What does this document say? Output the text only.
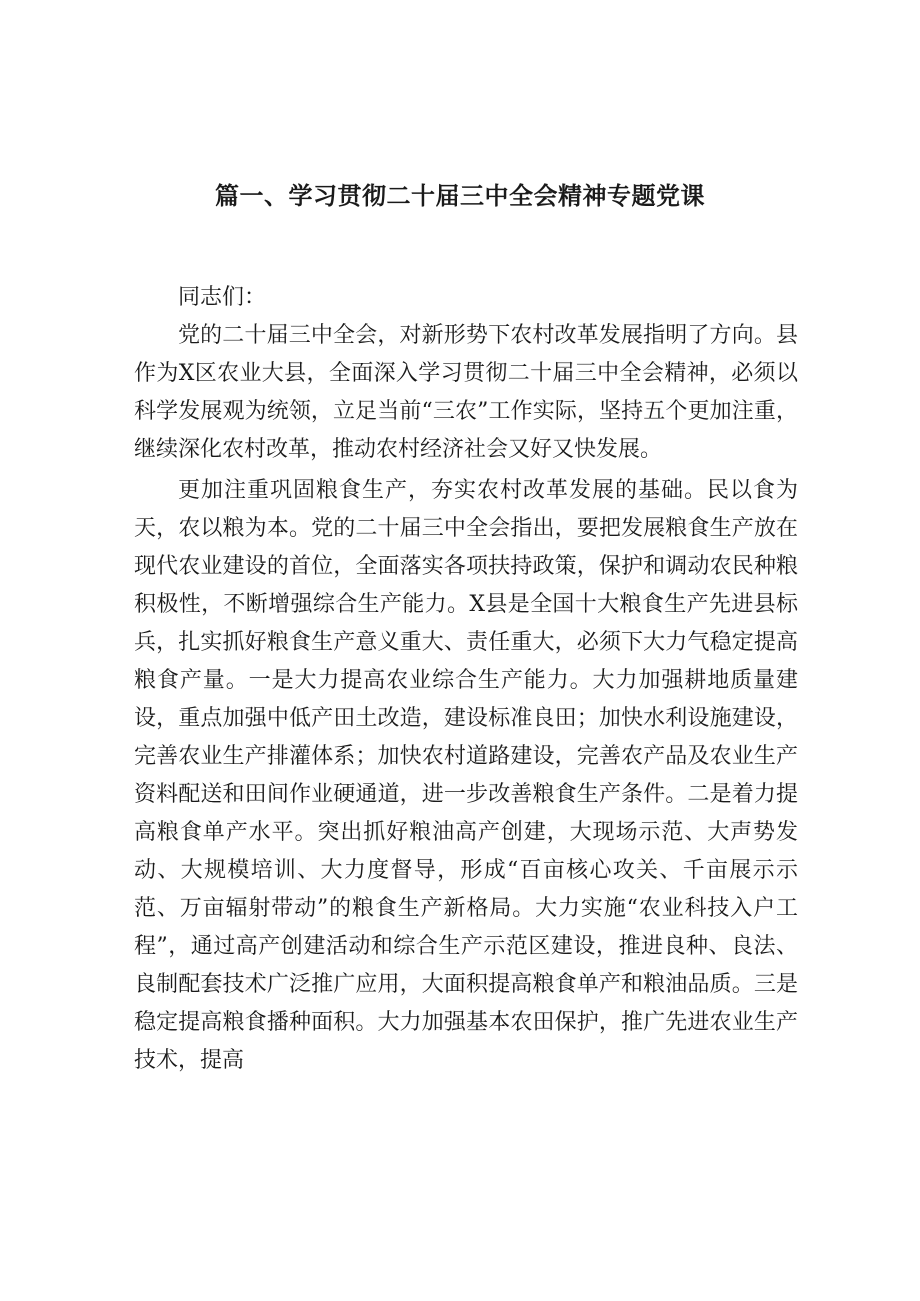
篇一、学习贯彻二十届三中全会精神专题党课

同志们：

党的二十届三中全会，对新形势下农村改革发展指明了方向。县作为X区农业大县，全面深入学习贯彻二十届三中全会精神，必须以科学发展观为统领，立足当前“三农”工作实际，坚持五个更加注重，继续深化农村改革，推动农村经济社会又好又快发展。

更加注重巩固粮食生产，夯实农村改革发展的基础。民以食为天，农以粮为本。党的二十届三中全会指出，要把发展粮食生产放在现代农业建设的首位，全面落实各项扶持政策，保护和调动农民种粮积极性，不断增强综合生产能力。X县是全国十大粮食生产先进县标兵，扎实抓好粮食生产意义重大、责任重大，必须下大力气稳定提高粮食产量。一是大力提高农业综合生产能力。大力加强耕地质量建设，重点加强中低产田土改造，建设标准良田；加快水利设施建设，完善农业生产排灌体系；加快农村道路建设，完善农产品及农业生产资料配送和田间作业硬通道，进一步改善粮食生产条件。二是着力提高粮食单产水平。突出抓好粮油高产创建，大现场示范、大声势发动、大规模培训、大力度督导，形成“百亩核心攻关、千亩展示示范、万亩辐射带动”的粮食生产新格局。大力实施“农业科技入户工程”，通过高产创建活动和综合生产示范区建设，推进良种、良法、良制配套技术广泛推广应用，大面积提高粮食单产和粮油品质。三是稳定提高粮食播种面积。大力加强基本农田保护，推广先进农业生产技术，提高
